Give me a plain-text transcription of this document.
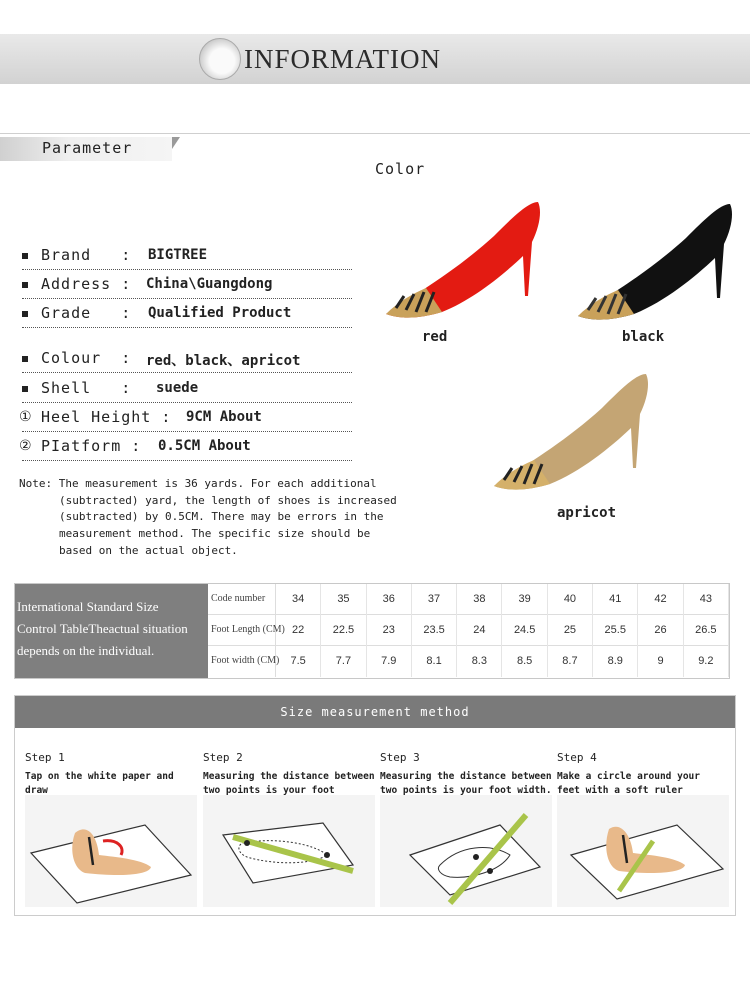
INFORMATION
Parameter
Color
Brand   : BIGTREE
Address : China\Guangdong
Grade   : Qualified Product
Colour  : red、black、apricot
Shell   : suede
① Heel Height : 9CM About
② PIatform : 0.5CM About
Note: The measurement is 36 yards. For each additional
(subtracted) yard, the length of shoes is increased
(subtracted) by 0.5CM. There may be errors in the
measurement method. The specific size should be
based on the actual object.
red	black
apricot
International Standard Size
Control TableTheactual situation
depends on the individual.
Code number	34	35	36	37	38	39	40	41	42	43
Foot Length (CM) 22	22.5	23	23.5	24	24.5	25	25.5	26	26.5
Foot width (CM)	7.5	7.7	7.9	8.1	8.3	8.5	8.7	8.9	9	9.2
Size measurement method
Step 1
Tap on the white paper and draw
the outline of your footsteps
Step 2
Measuring the distance between
two points is your foot length.
Step 3
Measuring the distance between
two points is your foot width.
Step 4
Make a circle around your
feet with a soft ruler
